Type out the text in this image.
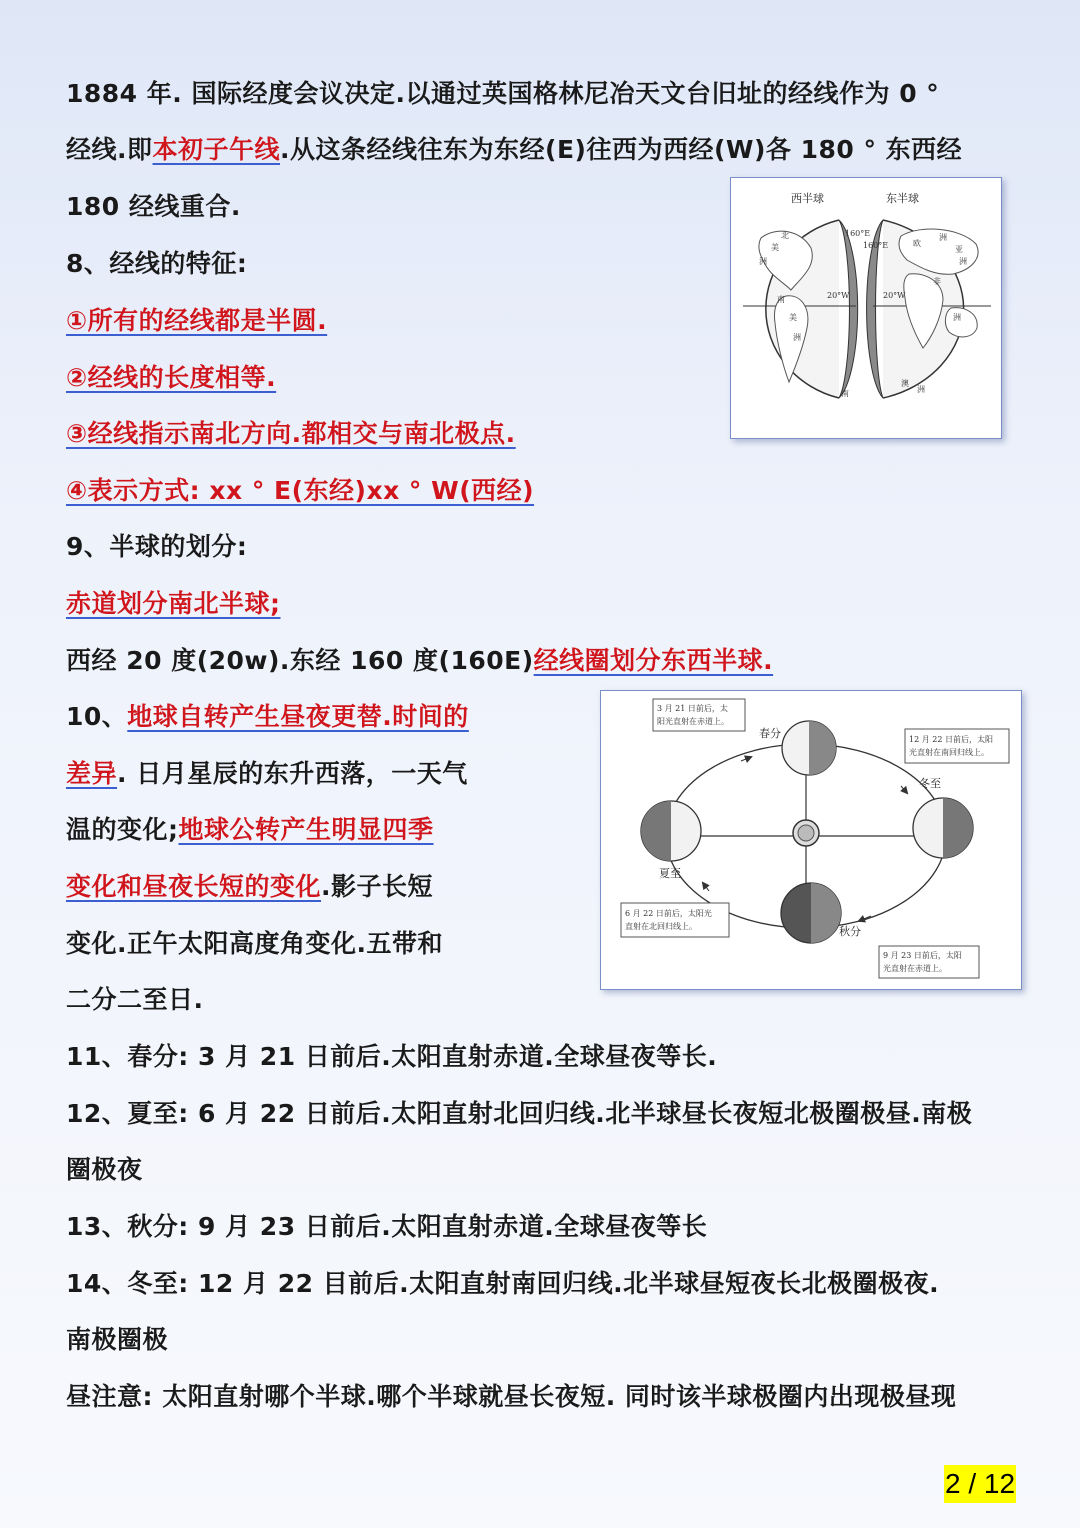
1884 年. 国际经度会议决定.以通过英国格林尼冶天文台旧址的经线作为 0 °
经线.即本初子午线.从这条经线往东为东经(E)往西为西经(W)各 180 ° 东西经
180 经线重合.
8、经线的特征:
①所有的经线都是半圆.
②经线的长度相等.
③经线指示南北方向.都相交与南北极点.
④表示方式: xx ° E(东经)xx ° W(西经)
9、半球的划分:
赤道划分南北半球;
西经 20 度(20w).东经 160 度(160E)经线圈划分东西半球.
10、地球自转产生昼夜更替.时间的
差异. 日月星辰的东升西落，一天气
温的变化;地球公转产生明显四季
变化和昼夜长短的变化.影子长短
变化.正午太阳高度角变化.五带和
二分二至日.
11、春分: 3 月 21 日前后.太阳直射赤道.全球昼夜等长.
12、夏至: 6 月 22 日前后.太阳直射北回归线.北半球昼长夜短北极圈极昼.南极
圈极夜
13、秋分: 9 月 23 日前后.太阳直射赤道.全球昼夜等长
14、冬至: 12 月 22 目前后.太阳直射南回归线.北半球昼短夜长北极圈极夜.
南极圈极
昼注意: 太阳直射哪个半球.哪个半球就昼长夜短. 同时该半球极圈内出现极昼现
西半球	东半球
160°E
160°E
20°W	20°W
北
美
洲
南
美
洲
南
欧
洲
亚
洲
非
洲
澳
洲
春分
夏至
秋分
冬至
3 月 21 日前后，太
阳光直射在赤道上。
12 月 22 日前后，太阳
光直射在南回归线上。
6 月 22 日前后，太阳光
直射在北回归线上。
9 月 23 日前后，太阳
光直射在赤道上。
2 / 12
